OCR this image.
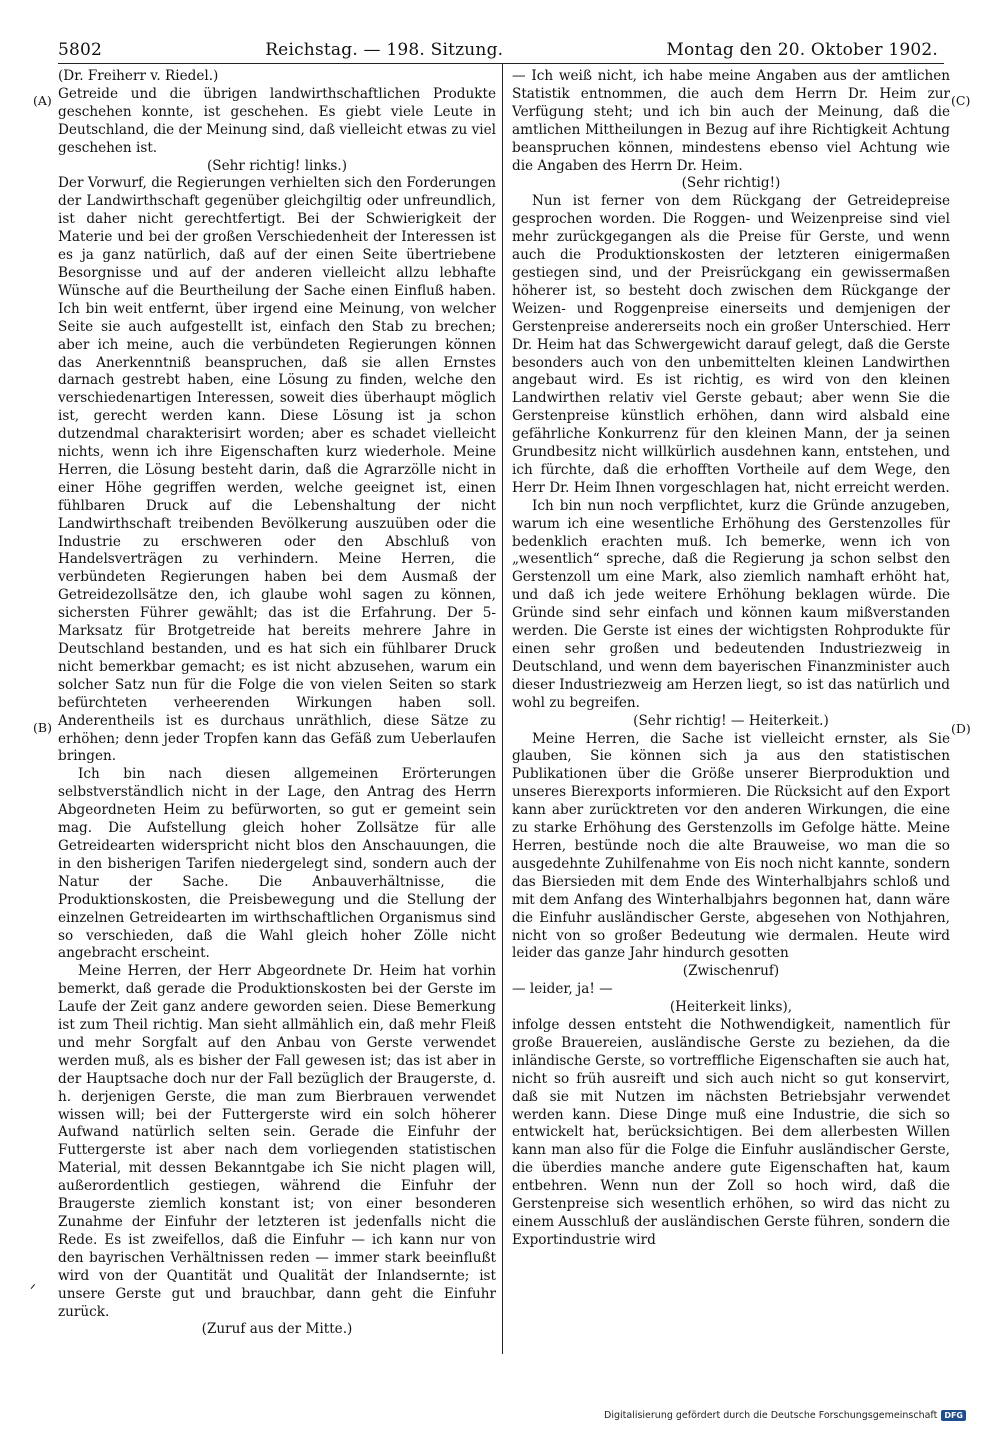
5802	Reichstag. — 198. Sitzung.	Montag den 20. Oktober 1902.
(A)
(B)
(C)
(D)
ᐟ

(Dr. Freiherr v. Riedel.)

Getreide und die übrigen landwirthschaftlichen Produkte geschehen konnte, ist geschehen. Es giebt viele Leute in Deutschland, die der Meinung sind, daß vielleicht etwas zu viel geschehen ist.

(Sehr richtig! links.)

Der Vorwurf, die Regierungen verhielten sich den Forderungen der Landwirthschaft gegenüber gleichgiltig oder unfreundlich, ist daher nicht gerechtfertigt. Bei der Schwierigkeit der Materie und bei der großen Verschiedenheit der Interessen ist es ja ganz natürlich, daß auf der einen Seite übertriebene Besorgnisse und auf der anderen vielleicht allzu lebhafte Wünsche auf die Beurtheilung der Sache einen Einfluß haben. Ich bin weit entfernt, über irgend eine Meinung, von welcher Seite sie auch aufgestellt ist, einfach den Stab zu brechen; aber ich meine, auch die verbündeten Regierungen können das Anerkenntniß beanspruchen, daß sie allen Ernstes darnach gestrebt haben, eine Lösung zu finden, welche den verschiedenartigen Interessen, soweit dies überhaupt möglich ist, gerecht werden kann. Diese Lösung ist ja schon dutzendmal charakterisirt worden; aber es schadet vielleicht nichts, wenn ich ihre Eigenschaften kurz wiederhole. Meine Herren, die Lösung besteht darin, daß die Agrarzölle nicht in einer Höhe gegriffen werden, welche geeignet ist, einen fühlbaren Druck auf die Lebenshaltung der nicht Landwirthschaft treibenden Bevölkerung auszuüben oder die Industrie zu erschweren oder den Abschluß von Handelsverträgen zu verhindern. Meine Herren, die verbündeten Regierungen haben bei dem Ausmaß der Getreidezollsätze den, ich glaube wohl sagen zu können, sichersten Führer gewählt; das ist die Erfahrung. Der 5-Marksatz für Brotgetreide hat bereits mehrere Jahre in Deutschland bestanden, und es hat sich ein fühlbarer Druck nicht bemerkbar gemacht; es ist nicht abzusehen, warum ein solcher Satz nun für die Folge die von vielen Seiten so stark befürchteten verheerenden Wirkungen haben soll. Anderentheils ist es durchaus unräthlich, diese Sätze zu erhöhen; denn jeder Tropfen kann das Gefäß zum Ueberlaufen bringen.

Ich bin nach diesen allgemeinen Erörterungen selbstverständlich nicht in der Lage, den Antrag des Herrn Abgeordneten Heim zu befürworten, so gut er gemeint sein mag. Die Aufstellung gleich hoher Zollsätze für alle Getreidearten widerspricht nicht blos den Anschauungen, die in den bisherigen Tarifen niedergelegt sind, sondern auch der Natur der Sache. Die Anbauverhältnisse, die Produktionskosten, die Preisbewegung und die Stellung der einzelnen Getreidearten im wirthschaftlichen Organismus sind so verschieden, daß die Wahl gleich hoher Zölle nicht angebracht erscheint.

Meine Herren, der Herr Abgeordnete Dr. Heim hat vorhin bemerkt, daß gerade die Produktionskosten bei der Gerste im Laufe der Zeit ganz andere geworden seien. Diese Bemerkung ist zum Theil richtig. Man sieht allmählich ein, daß mehr Fleiß und mehr Sorgfalt auf den Anbau von Gerste verwendet werden muß, als es bisher der Fall gewesen ist; das ist aber in der Hauptsache doch nur der Fall bezüglich der Braugerste, d. h. derjenigen Gerste, die man zum Bierbrauen verwendet wissen will; bei der Futtergerste wird ein solch höherer Aufwand natürlich selten sein. Gerade die Einfuhr der Futtergerste ist aber nach dem vorliegenden statistischen Material, mit dessen Bekanntgabe ich Sie nicht plagen will, außerordentlich gestiegen, während die Einfuhr der Braugerste ziemlich konstant ist; von einer besonderen Zunahme der Einfuhr der letzteren ist jedenfalls nicht die Rede. Es ist zweifellos, daß die Einfuhr — ich kann nur von den bayrischen Verhältnissen reden — immer stark beeinflußt wird von der Quantität und Qualität der Inlandsernte; ist unsere Gerste gut und brauchbar, dann geht die Einfuhr zurück.

(Zuruf aus der Mitte.)

— Ich weiß nicht, ich habe meine Angaben aus der amtlichen Statistik entnommen, die auch dem Herrn Dr. Heim zur Verfügung steht; und ich bin auch der Meinung, daß die amtlichen Mittheilungen in Bezug auf ihre Richtigkeit Achtung beanspruchen können, mindestens ebenso viel Achtung wie die Angaben des Herrn Dr. Heim.

(Sehr richtig!)

Nun ist ferner von dem Rückgang der Getreidepreise gesprochen worden. Die Roggen- und Weizenpreise sind viel mehr zurückgegangen als die Preise für Gerste, und wenn auch die Produktionskosten der letzteren einigermaßen gestiegen sind, und der Preisrückgang ein gewissermaßen höherer ist, so besteht doch zwischen dem Rückgange der Weizen- und Roggenpreise einerseits und demjenigen der Gerstenpreise andererseits noch ein großer Unterschied. Herr Dr. Heim hat das Schwergewicht darauf gelegt, daß die Gerste besonders auch von den unbemittelten kleinen Landwirthen angebaut wird. Es ist richtig, es wird von den kleinen Landwirthen relativ viel Gerste gebaut; aber wenn Sie die Gerstenpreise künstlich erhöhen, dann wird alsbald eine gefährliche Konkurrenz für den kleinen Mann, der ja seinen Grundbesitz nicht willkürlich ausdehnen kann, entstehen, und ich fürchte, daß die erhofften Vortheile auf dem Wege, den Herr Dr. Heim Ihnen vorgeschlagen hat, nicht erreicht werden.

Ich bin nun noch verpflichtet, kurz die Gründe anzugeben, warum ich eine wesentliche Erhöhung des Gerstenzolles für bedenklich erachten muß. Ich bemerke, wenn ich von „wesentlich“ spreche, daß die Regierung ja schon selbst den Gerstenzoll um eine Mark, also ziemlich namhaft erhöht hat, und daß ich jede weitere Erhöhung beklagen würde. Die Gründe sind sehr einfach und können kaum mißverstanden werden. Die Gerste ist eines der wichtigsten Rohprodukte für einen sehr großen und bedeutenden Industriezweig in Deutschland, und wenn dem bayerischen Finanzminister auch dieser Industriezweig am Herzen liegt, so ist das natürlich und wohl zu begreifen.

(Sehr richtig! — Heiterkeit.)

Meine Herren, die Sache ist vielleicht ernster, als Sie glauben, Sie können sich ja aus den statistischen Publikationen über die Größe unserer Bierproduktion und unseres Bierexports informieren. Die Rücksicht auf den Export kann aber zurücktreten vor den anderen Wirkungen, die eine zu starke Erhöhung des Gerstenzolls im Gefolge hätte. Meine Herren, bestünde noch die alte Brauweise, wo man die so ausgedehnte Zuhilfenahme von Eis noch nicht kannte, sondern das Biersieden mit dem Ende des Winterhalbjahrs schloß und mit dem Anfang des Winterhalbjahrs begonnen hat, dann wäre die Einfuhr ausländischer Gerste, abgesehen von Nothjahren, nicht von so großer Bedeutung wie dermalen. Heute wird leider das ganze Jahr hindurch gesotten

(Zwischenruf)

— leider, ja! —

(Heiterkeit links),

infolge dessen entsteht die Nothwendigkeit, namentlich für große Brauereien, ausländische Gerste zu beziehen, da die inländische Gerste, so vortreffliche Eigenschaften sie auch hat, nicht so früh ausreift und sich auch nicht so gut konservirt, daß sie mit Nutzen im nächsten Betriebsjahr verwendet werden kann. Diese Dinge muß eine Industrie, die sich so entwickelt hat, berücksichtigen. Bei dem allerbesten Willen kann man also für die Folge die Einfuhr ausländischer Gerste, die überdies manche andere gute Eigenschaften hat, kaum entbehren. Wenn nun der Zoll so hoch wird, daß die Gerstenpreise sich wesentlich erhöhen, so wird das nicht zu einem Ausschluß der ausländischen Gerste führen, sondern die Exportindustrie wird

Digitalisierung gefördert durch die Deutsche Forschungsgemeinschaft DFG
